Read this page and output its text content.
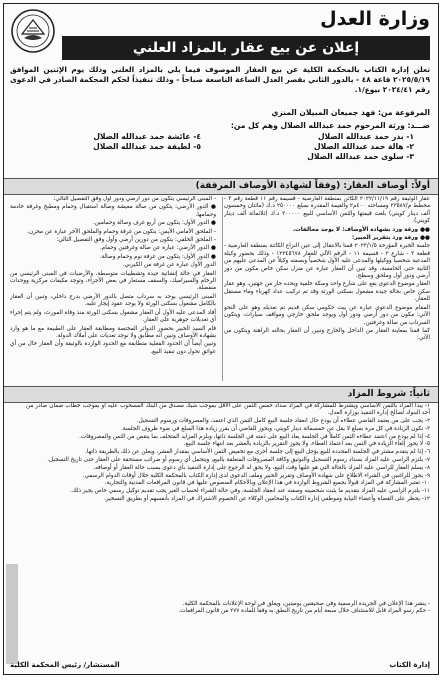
وزارة العدل
إعلان عن بيع عقار بالمزاد العلني
تعلن إدارة الكتاب بالمحكمة الكلية عن بيع العقار الموصوف فيما يلي بالمزاد العلني وذلك يوم الإثنين الموافق ٢٠٢٥/٥/١٩ قاعة ٤٨ - بالدور الثاني بقصر العدل الساعة التاسعة صباحاً - وذلك تنفيذاً لحكم المحكمة الصادر في الدعوى رقم ٢٠٢٤/٤١ بيوع/١.
المرفوعة من: فهد جميعان المبيلان المنزي
ضـــد: ورثة المرحوم حمد عبدالله الصلال وهم كل من:
١- بدر حمد عبدالله الصلال
٤- عائشة حمد عبدالله الصلال
٢- هالة حمد عبدالله الصلال
٥- لطيفة حمد عبدالله الصلال
٣- سلوى حمد عبدالله الصلال
أولاً: أوصاف العقار: (وفقاً لشهادة الأوصاف المرفقة)

عقار الوثيقة رقم ٢٠٢٢/١١/١٩ الكائن بمنطقة العارضية - قسيمة رقم ١١ قطعة رقم ٣ - مخطط م/٢٣٥٨٧ ومساحته ٤٠٠م٢ والقيمة المقدرة بمبلغ ٢٥٠٠٠٠ د.ك (مائتان وخمسون ألف دينار كويتي) بلغت قيمتها والثمن الأساسي للبيع ٣٠٠٠٠٠ د.ك (ثلاثمائة ألف دينار كويتي).

●● ورقة ورد بشهادة الأوصاف: لا يوجد مخالفات.

●● ورقة ورد بتقرير الخبير:

جلسة الخبرة المؤرخة ٢٠٢٣/١/٥ قمنا بالانتقال إلى عين النزاع الكائنة بمنطقة العارضية - قطعة ٣ - شارع ٢ - قسيمة ١١ - الرقم الآلي للعقار ١٢٣٤٥٦٧٨ - وذلك بحضور وكيلة المدعية شخصياً ووكيلها والمدعى عليه الأول شخصياً وبصفته وكيلاً عن المدعى عليهم من الثانية حتى الخامسة، وقد تبين أن العقار عبارة عن منزل سكن خاص مكون من دور أرضي ودور أول وملحق وسطح.

العقار موضوع الدعوى يقع على شارع واحد وسكة خلفية ويحده جار من جهتين، وهو عقار سكن خاص بحالة جيدة مشغول بسكنى الورثة وقد تم تركيب عداد كهرباء وماء مستقل للعقار.

المقام موضوع الدعوى عبارة عن بيت حكومي سكن قديم تم تعديله وهو على النحو الآتي: مكون من دور أرضي ودور أول ويوجد ملحق خارجي ومواقف سيارات، ويتكون السرداب من صالة وغرفتين.

كما قمنا بمعاينة العقار من الداخل والخارج وتبين أن العقار بحالته الراهنة ويتكون من الآتي:

- المبنى الرئيسي يتكون من دور أرضي ودور أول وفق التفصيل التالي:

● الدور الأرضي: يتكون من صالة معيشة وصالة استقبال وحمام ومطبخ وغرفة خادمة وحمامها.

● الدور الأول: يتكون من أربع غرف وصالة وحمامين.

- الملحق الأمامي الأيمن: يتكون من غرفة وحمام والملحق الآخر عبارة عن مخزن.

- الملحق الخلفي: يتكون من دورين أرضي وأول وفق التفصيل التالي:

● الدور الأرضي: عبارة عن صالة وغرفتين وحمام.

● الدور الأول: يتكون من غرفة نوم وحمام وصالة.

الدور الأول عبارة عن غرفة من الكيربي.

العقار في حالة إنشائية جيدة وتشطيبات متوسطة، والأرضيات في المبنى الرئيسي من الرخام والسيراميك، والسقف مستعار في بعض الأجزاء، وتوجد مكيفات مركزية ووحدات منفصلة.

المبنى الرئيسي يوجد به سرداب متصل بالدور الأرضي بدرج داخلي، وتبين أن العقار بالكامل مشغول بسكنى الورثة ولا يوجد عقود إيجار عليه.

أفاد المدعى عليه الأول أن العقار مشغول بسكنى الورثة منذ وفاة المورث، ولم يتم إجراء أي تعديلات جوهرية على العقار.

قام السيد الخبير بحضور الدوائر المختصة ومطابقة العقار على الطبيعة مع ما هو وارد بشهادة الأوصاف وتبين أنه مطابق ولا توجد تعديات على أملاك الدولة.

وتبين أيضاً أن الحدود الفعلية متطابقة مع الحدود الواردة بالوثيقة وأن العقار خال من أي عوائق تحول دون تنفيذ البيع.

ثانياً: شروط المزاد

١- يبدأ المزاد بالثمن الأساسي ويشترط للمشاركة في المزاد سداد خمس الثمن على الأقل بموجب شيك مصدق من البنك المسحوب عليه أو بموجب خطاب ضمان صادر من أحد البنوك لصالح إدارة التنفيذ بوزارة العدل.

٢- يجب على من يعتمد القاضي عطاءه أن يودع حال انعقاد جلسة البيع كامل الثمن الذي اعتمد، والمصروفات ورسوم التسجيل.

٣- تكون الزيادة في كل مرة بمبلغ لا يقل عن خمسمائة دينار كويتي، ويجوز للقاضي أن يقرر زيادة هذا المبلغ في ضوء ظروف الجلسة.

٤- إذا لم يودع من اعتمد عطاءه الثمن كاملاً في الجلسة يعاد البيع على ذمته في الجلسة ذاتها، ويلزم المزايد المتخلف بما ينقص من الثمن والمصروفات.

٥- لا يجوز إلغاء الزيادة في الثمن بعد اعتماد العطاء، ولا يجوز التقرير بالزيادة بالعشر بعد انتهاء جلسة البيع.

٦- إذا لم يتقدم مشتر في الجلسة المحددة للبيع يؤجل البيع إلى جلسة أخرى مع تخفيض الثمن الأساسي بمقدار العشر، ويعلن عن ذلك بالطريقة ذاتها.

٧- يلتزم الراسي عليه المزاد بسداد رسوم التسجيل والتوثيق وكافة المصروفات المتعلقة بالبيع، ويتحمل أي رسوم أو ضرائب مستحقة على العقار حتى تاريخ التسجيل.

٨- يسلم العقار للراسي عليه المزاد بالحالة التي هو عليها وقت البيع، ولا يحق له الرجوع على إدارة التنفيذ بأي دعوى بسبب حالة العقار أو أوصافه.

٩- يجوز للراغبين في الشراء الاطلاع على شهادة الأوصاف وتقرير الخبير وملف الدعوى لدى إدارة الكتاب بالمحكمة الكلية خلال أوقات الدوام الرسمي.

١٠- تعتبر المشاركة في المزاد قبولاً بجميع الشروط الواردة في هذا الإعلان وبالأحكام المنصوص عليها في قانون المرافعات المدنية والتجارية.

١١- يلتزم الراسي عليه المزاد بتقديم ما يثبت شخصيته وصفته عند انعقاد الجلسة، وفي حالة الشراء لحساب الغير يجب تقديم توكيل رسمي خاص يجيز ذلك.

١٢- يحظر على القضاة وأعضاء النيابة وموظفي إدارة الكتاب والمحامين الوكلاء عن الخصوم الاشتراك في المزاد بأنفسهم أو بطريق التسخير.

- ينشر هذا الإعلان في الجريدة الرسمية وفي صحيفتين يوميتين، ويعلق في لوحة الإعلانات بالمحكمة الكلية.

- حكم رسو المزاد قابل للاستئناف خلال سبعة أيام من تاريخ النطق به وفقاً للمادة ٢٧٧ من قانون المرافعات.

إدارة الكتاب
المستشار/ رئيس المحكمة الكلية
